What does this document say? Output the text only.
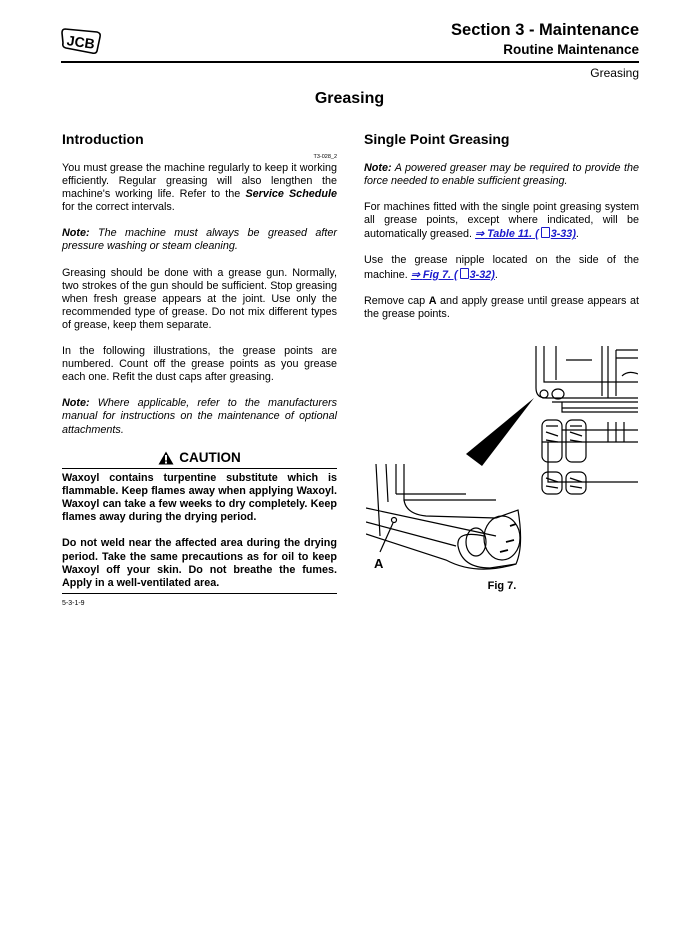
JCB
Section 3 - Maintenance
Routine Maintenance
Greasing
Greasing
Introduction
T3-028_2

You must grease the machine regularly to keep it working efficiently. Regular greasing will also lengthen the machine's working life. Refer to the Service Schedule for the correct intervals.

Note: The machine must always be greased after pressure washing or steam cleaning.

Greasing should be done with a grease gun. Normally, two strokes of the gun should be sufficient. Stop greasing when fresh grease appears at the joint. Use only the recommended type of grease. Do not mix different types of grease, keep them separate.

In the following illustrations, the grease points are numbered. Count off the grease points as you grease each one. Refit the dust caps after greasing.

Note: Where applicable, refer to the manufacturers manual for instructions on the maintenance of optional attachments.

CAUTION

Waxoyl contains turpentine substitute which is flammable. Keep flames away when applying Waxoyl. Waxoyl can take a few weeks to dry completely. Keep flames away during the drying period.

Do not weld near the affected area during the drying period. Take the same precautions as for oil to keep Waxoyl off your skin. Do not breathe the fumes. Apply in a well-ventilated area.

5-3-1-9
Single Point Greasing

Note: A powered greaser may be required to provide the force needed to enable sufficient greasing.

For machines fitted with the single point greasing system all grease points, except where indicated, will be automatically greased. ⇒ Table 11. ( 3-33).

Use the grease nipple located on the side of the machine. ⇒ Fig 7. ( 3-32).

Remove cap A and apply grease until grease appears at the grease points.

A
Fig 7.
